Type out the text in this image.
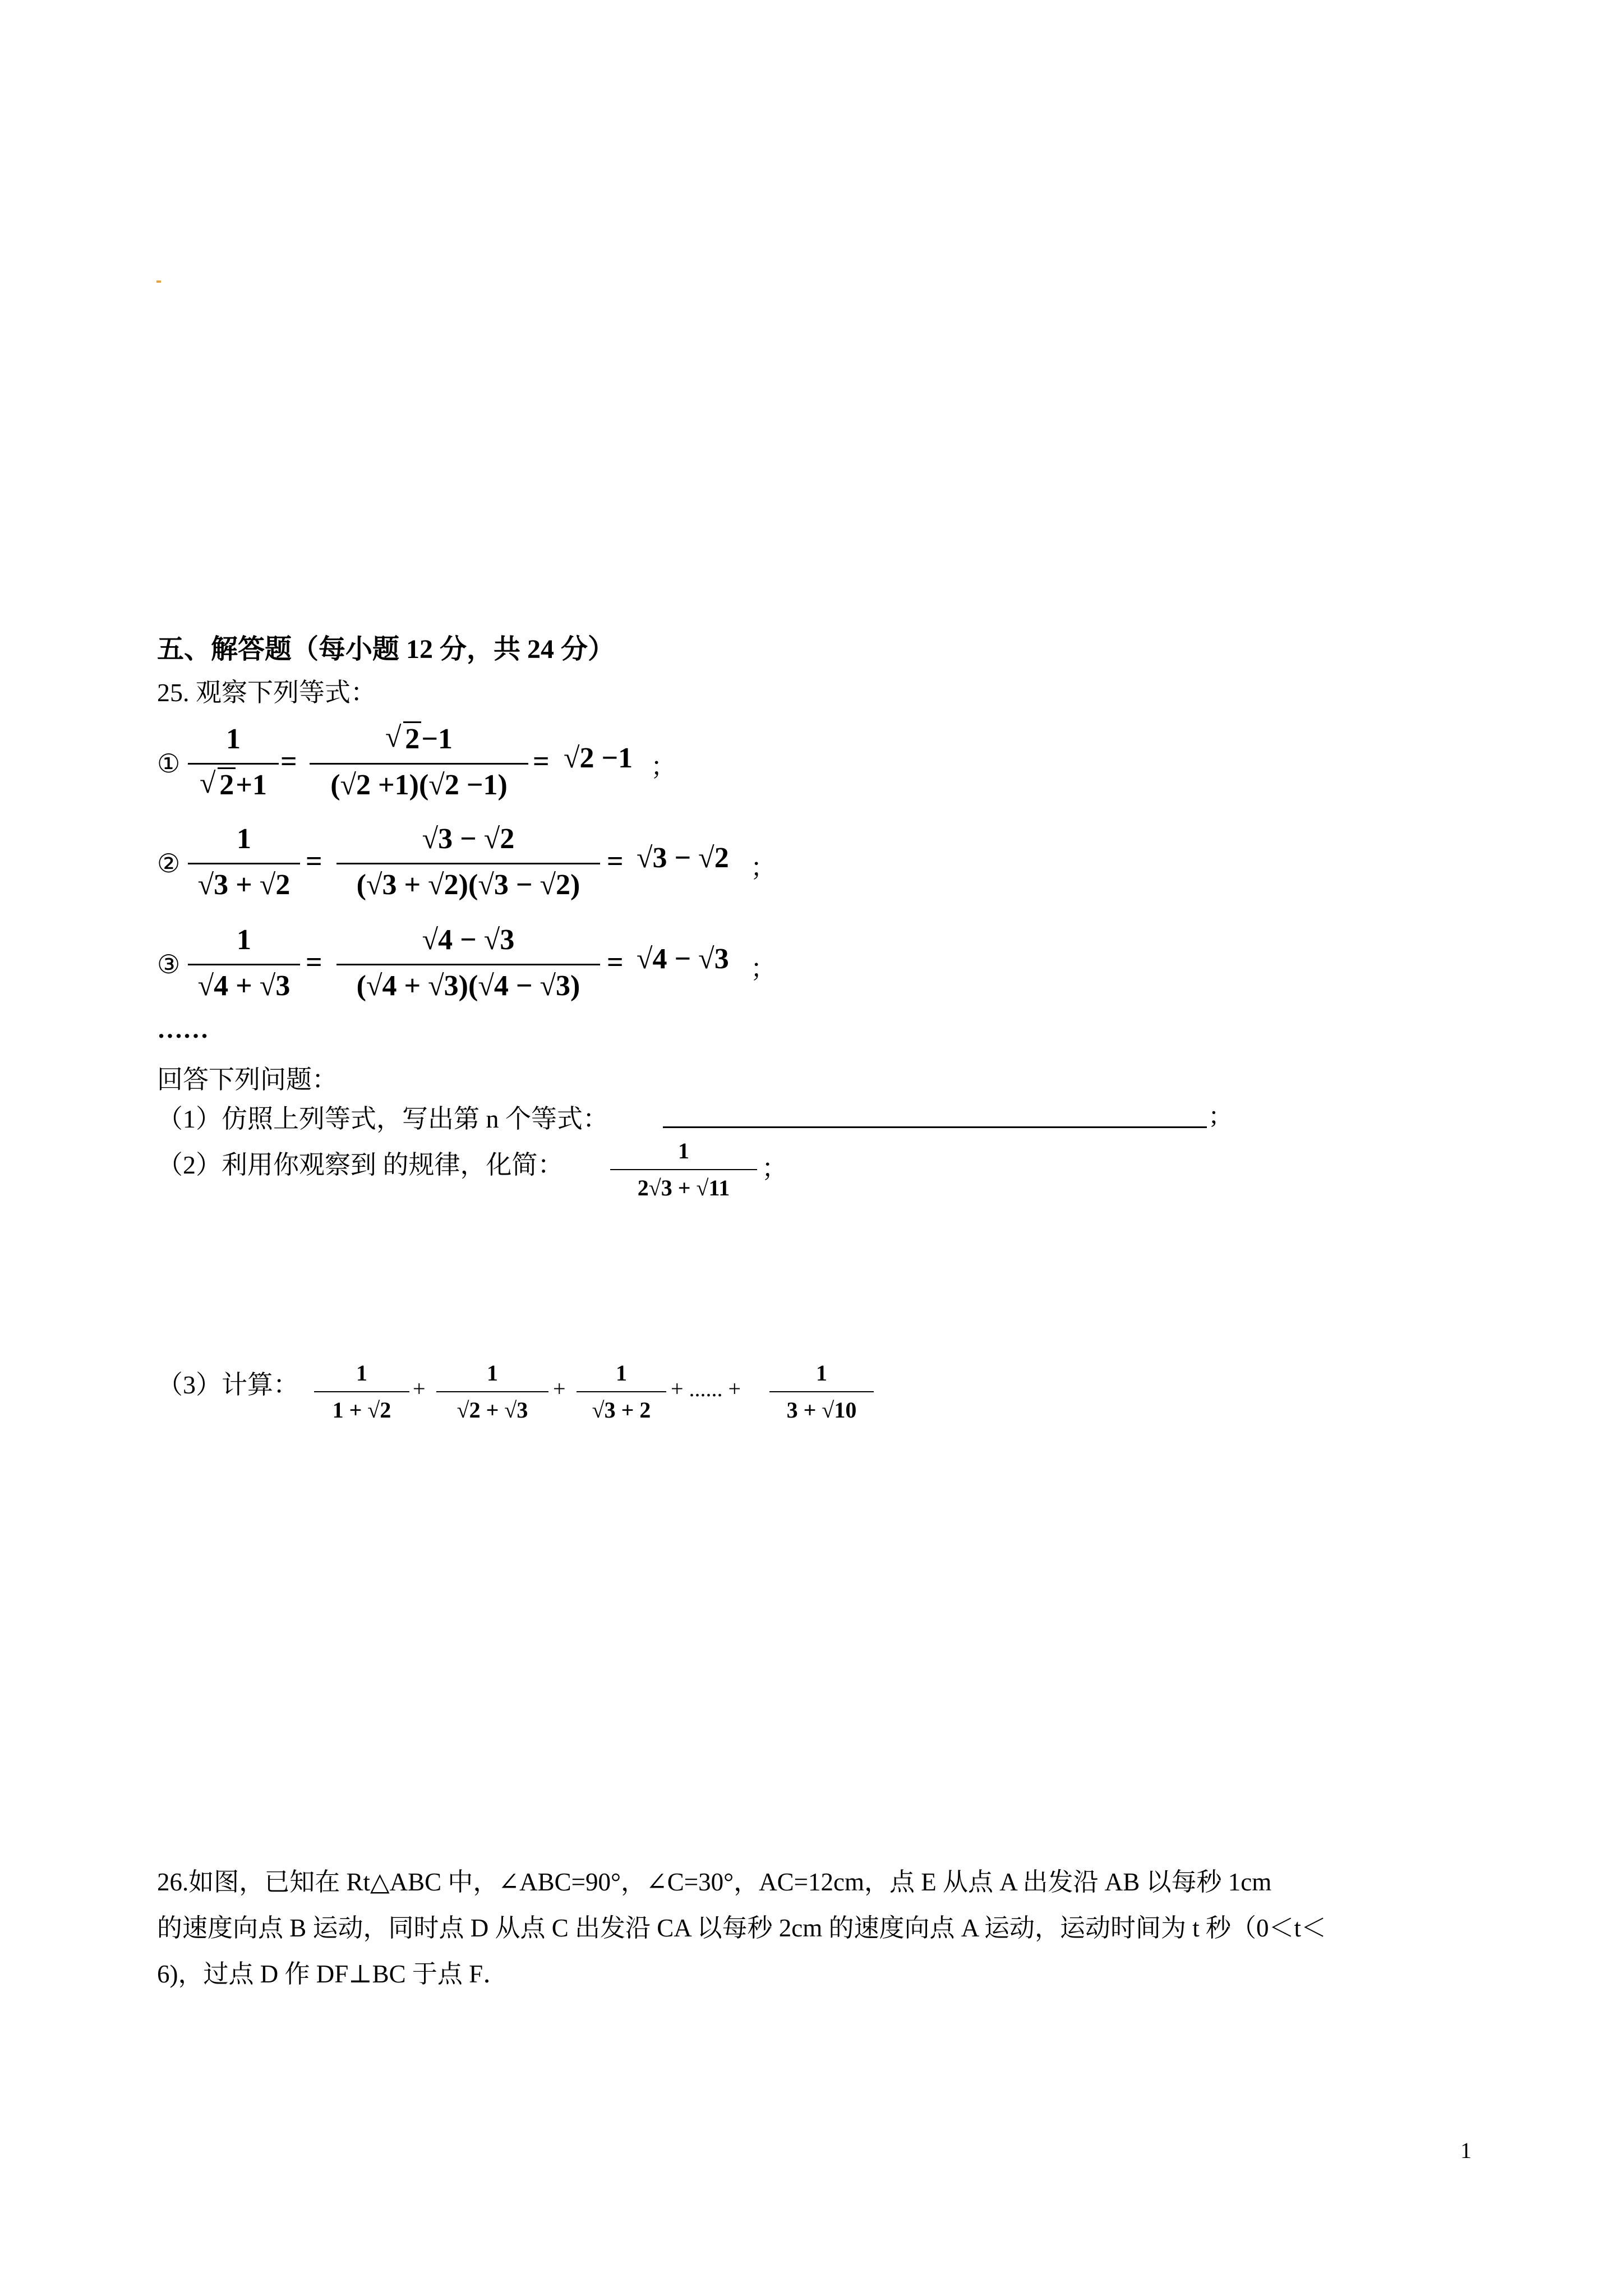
五、解答题（每小题 12 分，共 24 分）
25. 观察下列等式：
①
1
√ 2+1
=
√ 2−1
(√2 +1)(√2 −1)
= √2 −1 ；
②
1
√3 + √2
=
√3 − √2
(√3 + √2)(√3 − √2)
= √3 − √2 ；
③
1
√4 + √3
=
√4 − √3
(√4 + √3)(√4 − √3)
= √4 − √3 ；
……
回答下列问题：
（1）仿照上列等式，写出第 n 个等式：	;
（2）利用你观察到 的规律，化简：	1
2√3 + √11
；
（3）计算：	1
1 + √2
+
1
√2 + √3
+
1
√3 + 2
+ ...... +
1
3 + √10
26.如图，已知在 Rt△ABC 中，∠ABC=90°，∠C=30°，AC=12cm，点 E 从点 A 出发沿 AB 以每秒 1cm
的速度向点 B 运动，同时点 D 从点 C 出发沿 CA 以每秒 2cm 的速度向点 A 运动，运动时间为 t 秒（0＜t＜
6)，过点 D 作 DF⊥BC 于点 F．
1
